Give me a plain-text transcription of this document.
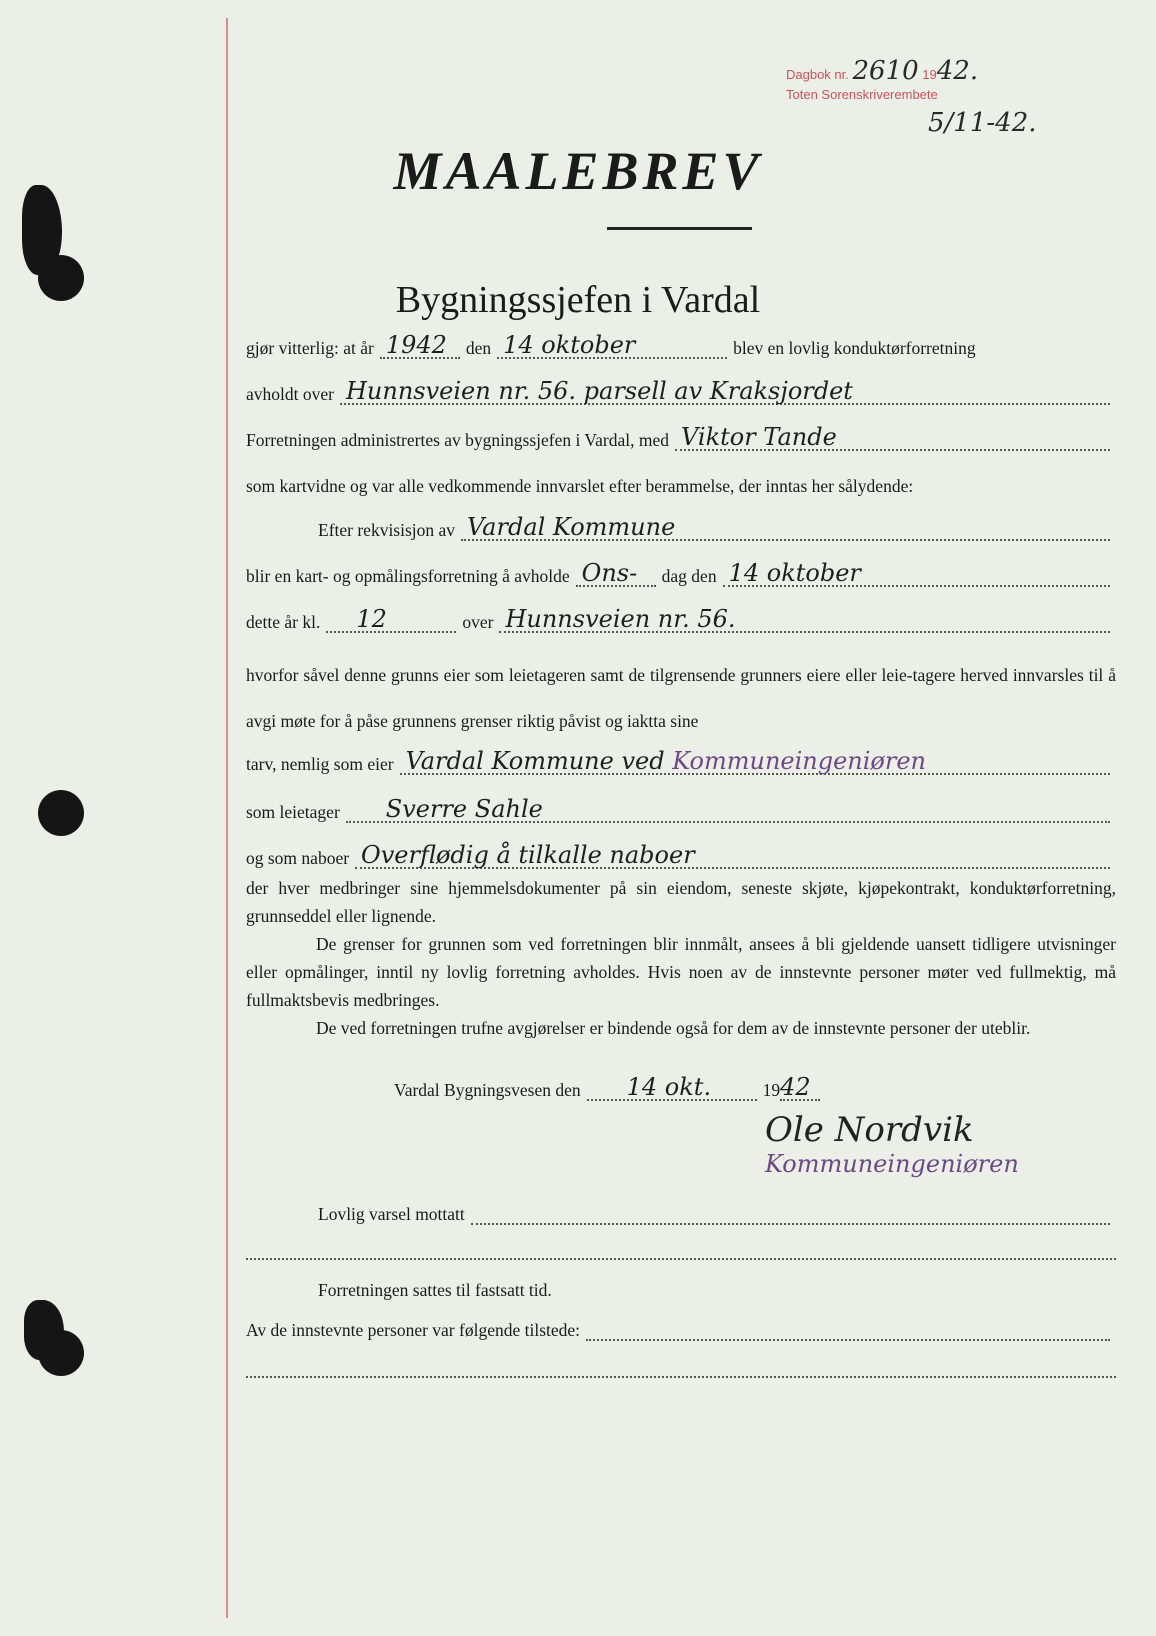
Dagbok nr. 2610 1942.
Toten Sorenskriverembete
5/11-42.
MAALEBREV
Bygningssjefen i Vardal
gjør vitterlig: at år 1942 den 14 oktober	blev en lovlig konduktørforretning
avholdt over Hunnsveien nr. 56. parsell av Kraksjordet
Forretningen administrertes av bygningssjefen i Vardal, med Viktor Tande
som kartvidne og var alle vedkommende innvarslet efter berammelse, der inntas her sålydende:
Efter rekvisisjon av Vardal Kommune
blir en kart- og opmålingsforretning å avholde Ons- dag den 14 oktober
dette år kl. 12	over Hunnsveien nr. 56.
hvorfor såvel denne grunns eier som leietageren samt de tilgrensende grunners eiere eller leie-tagere herved innvarsles til å avgi møte for å påse grunnens grenser riktig påvist og iaktta sine
tarv, nemlig som eier Vardal Kommune ved Kommuneingeniøren
som leietager Sverre Sahle
og som naboer Overflødig å tilkalle naboer
der hver medbringer sine hjemmelsdokumenter på sin eiendom, seneste skjøte, kjøpekontrakt, konduktørforretning, grunnseddel eller lignende.
De grenser for grunnen som ved forretningen blir innmålt, ansees å bli gjeldende uansett tidligere utvisninger eller opmålinger, inntil ny lovlig forretning avholdes. Hvis noen av de innstevnte personer møter ved fullmektig, må fullmaktsbevis medbringes.
De ved forretningen trufne avgjørelser er bindende også for dem av de innstevnte personer der uteblir.
Vardal Bygningsvesen den 14 okt.	19 42
Ole Nordvik
Kommuneingeniøren
Lovlig varsel mottatt
Forretningen sattes til fastsatt tid.
Av de innstevnte personer var følgende tilstede:
